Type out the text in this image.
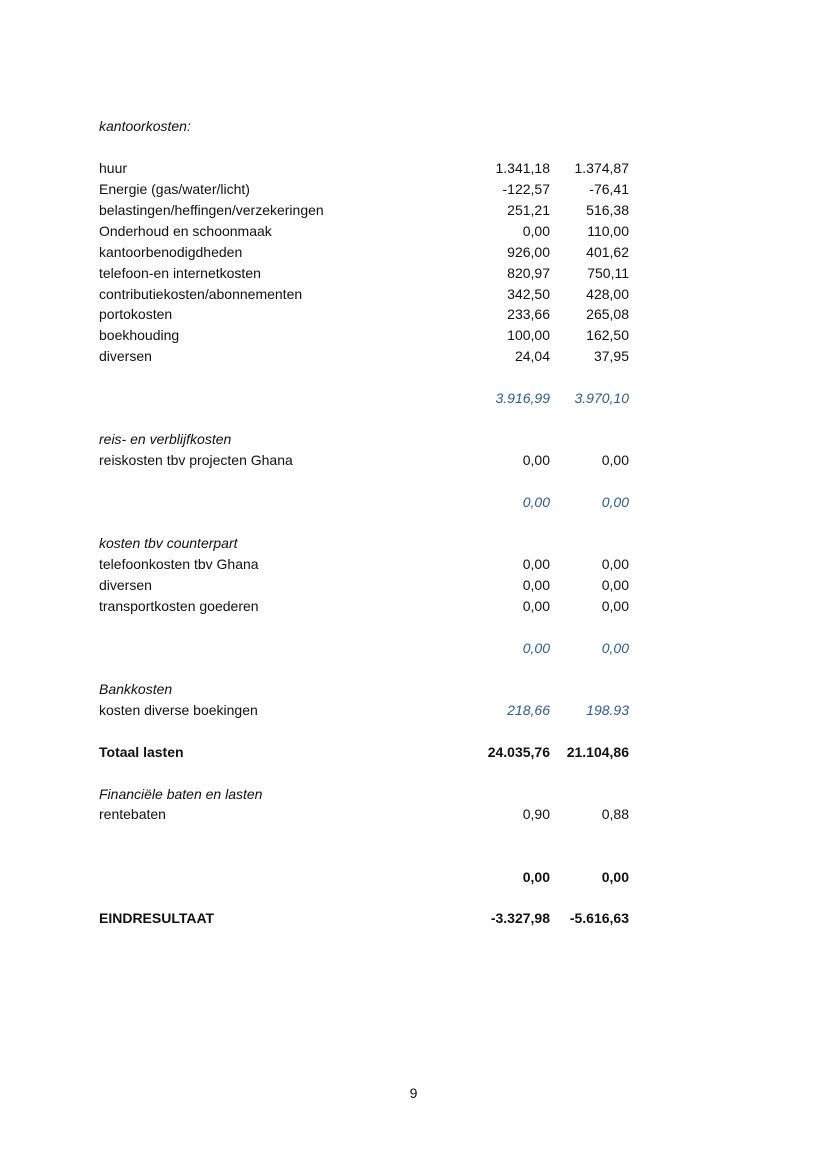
kantoorkosten:
huur	1.341,18	1.374,87
Energie (gas/water/licht)	-122,57	-76,41
belastingen/heffingen/verzekeringen	251,21	516,38
Onderhoud en schoonmaak	0,00	110,00
kantoorbenodigdheden	926,00	401,62
telefoon-en internetkosten	820,97	750,11
contributiekosten/abonnementen	342,50	428,00
portokosten	233,66	265,08
boekhouding	100,00	162,50
diversen	24,04	37,95
3.916,99	3.970,10
reis- en verblijfkosten
reiskosten tbv projecten Ghana	0,00	0,00
0,00	0,00
kosten tbv counterpart
telefoonkosten tbv Ghana	0,00	0,00
diversen	0,00	0,00
transportkosten goederen	0,00	0,00
0,00	0,00
Bankkosten
kosten diverse boekingen	218,66	198.93
Totaal lasten	24.035,76	21.104,86
Financiële baten en lasten
rentebaten	0,90	0,88
0,00	0,00
EINDRESULTAAT	-3.327,98	-5.616,63
9
